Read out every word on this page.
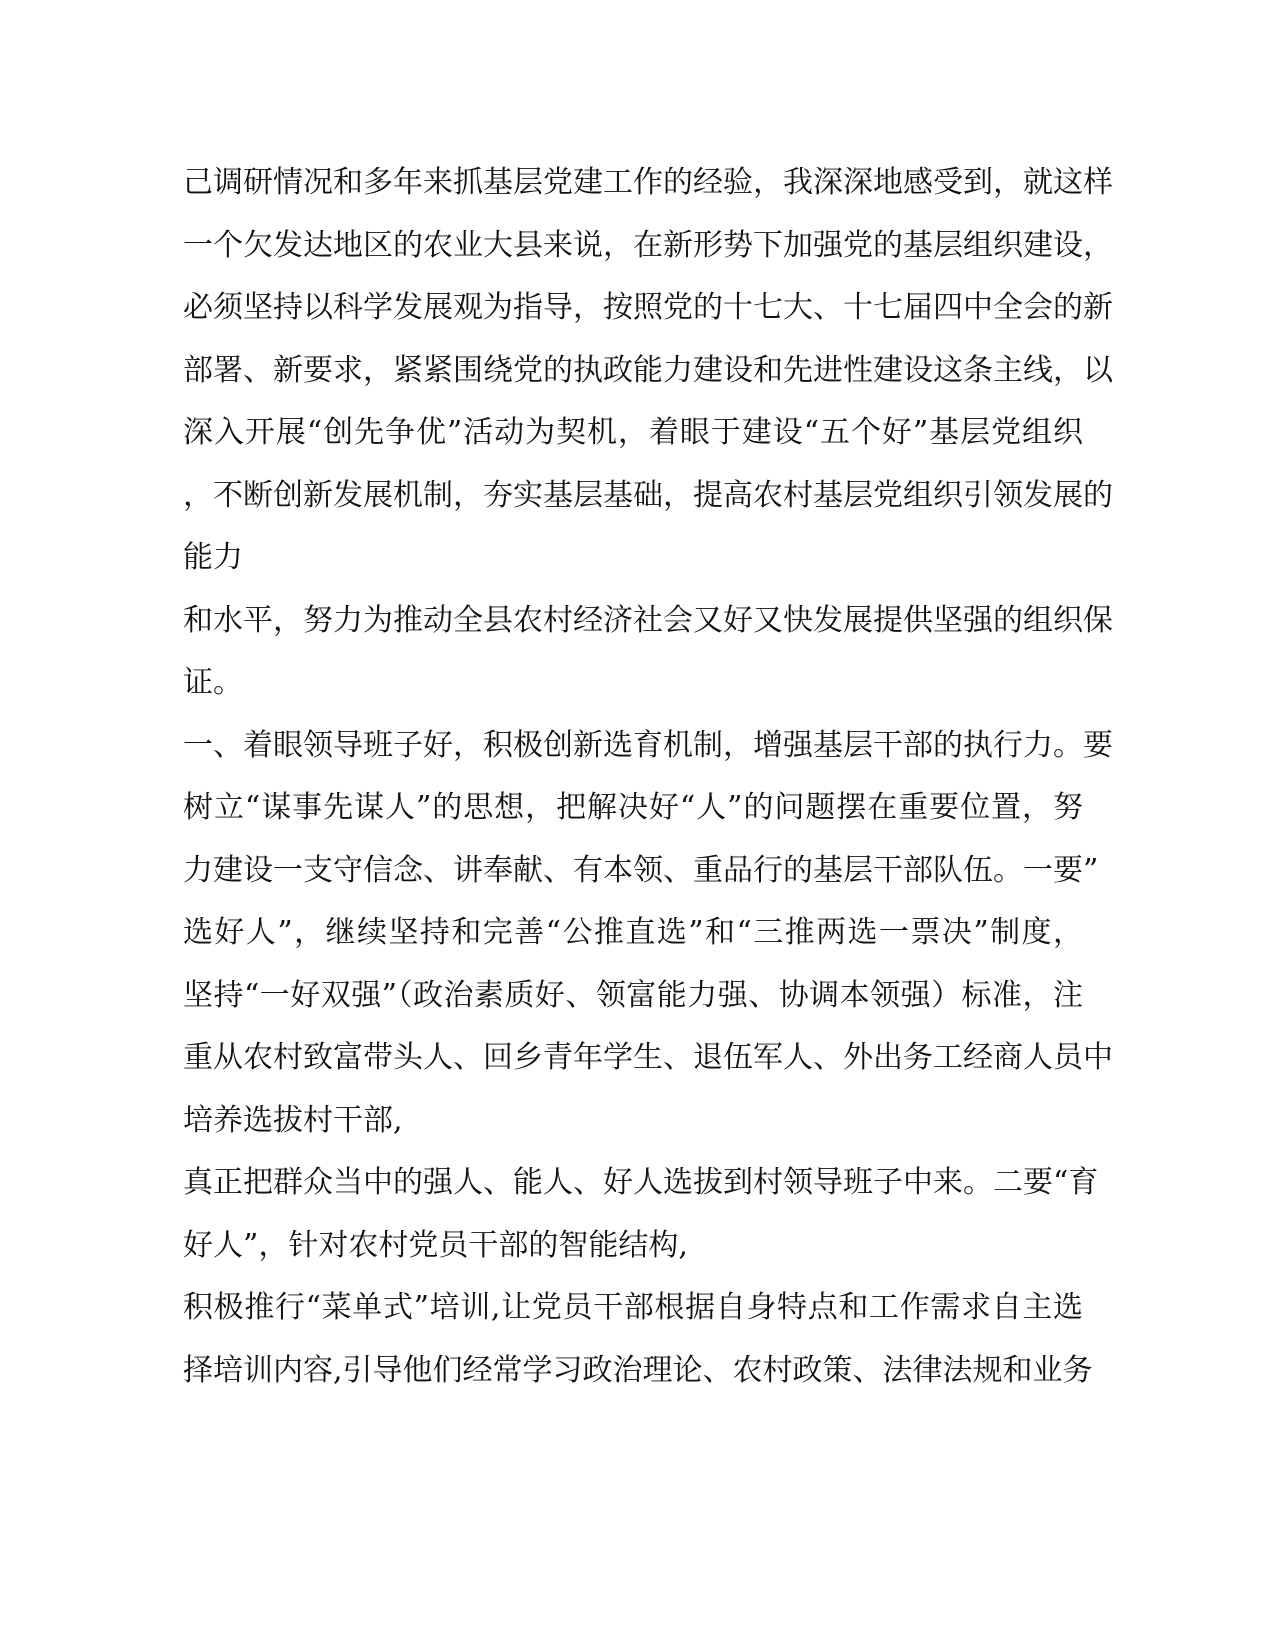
己调研情况和多年来抓基层党建工作的经验，我深深地感受到，就这样
一个欠发达地区的农业大县来说，在新形势下加强党的基层组织建设，
必须坚持以科学发展观为指导，按照党的十七大、十七届四中全会的新
部署、新要求，紧紧围绕党的执政能力建设和先进性建设这条主线，以
深入开展“创先争优”活动为契机，着眼于建设“五个好”基层党组织
，不断创新发展机制，夯实基层基础，提高农村基层党组织引领发展的
能力
和水平，努力为推动全县农村经济社会又好又快发展提供坚强的组织保
证。
一、着眼领导班子好，积极创新选育机制，增强基层干部的执行力。要
树立“谋事先谋人”的思想，把解决好“人”的问题摆在重要位置，努
力建设一支守信念、讲奉献、有本领、重品行的基层干部队伍。一要”
选好人”，继续坚持和完善“公推直选”和“三推两选一票决”制度，
坚持“一好双强”（政治素质好、领富能力强、协调本领强）标准，注
重从农村致富带头人、回乡青年学生、退伍军人、外出务工经商人员中
培养选拔村干部,
真正把群众当中的强人、能人、好人选拔到村领导班子中来。二要“育
好人”，针对农村党员干部的智能结构,
积极推行“菜单式”培训,让党员干部根据自身特点和工作需求自主选
择培训内容,引导他们经常学习政治理论、农村政策、法律法规和业务
